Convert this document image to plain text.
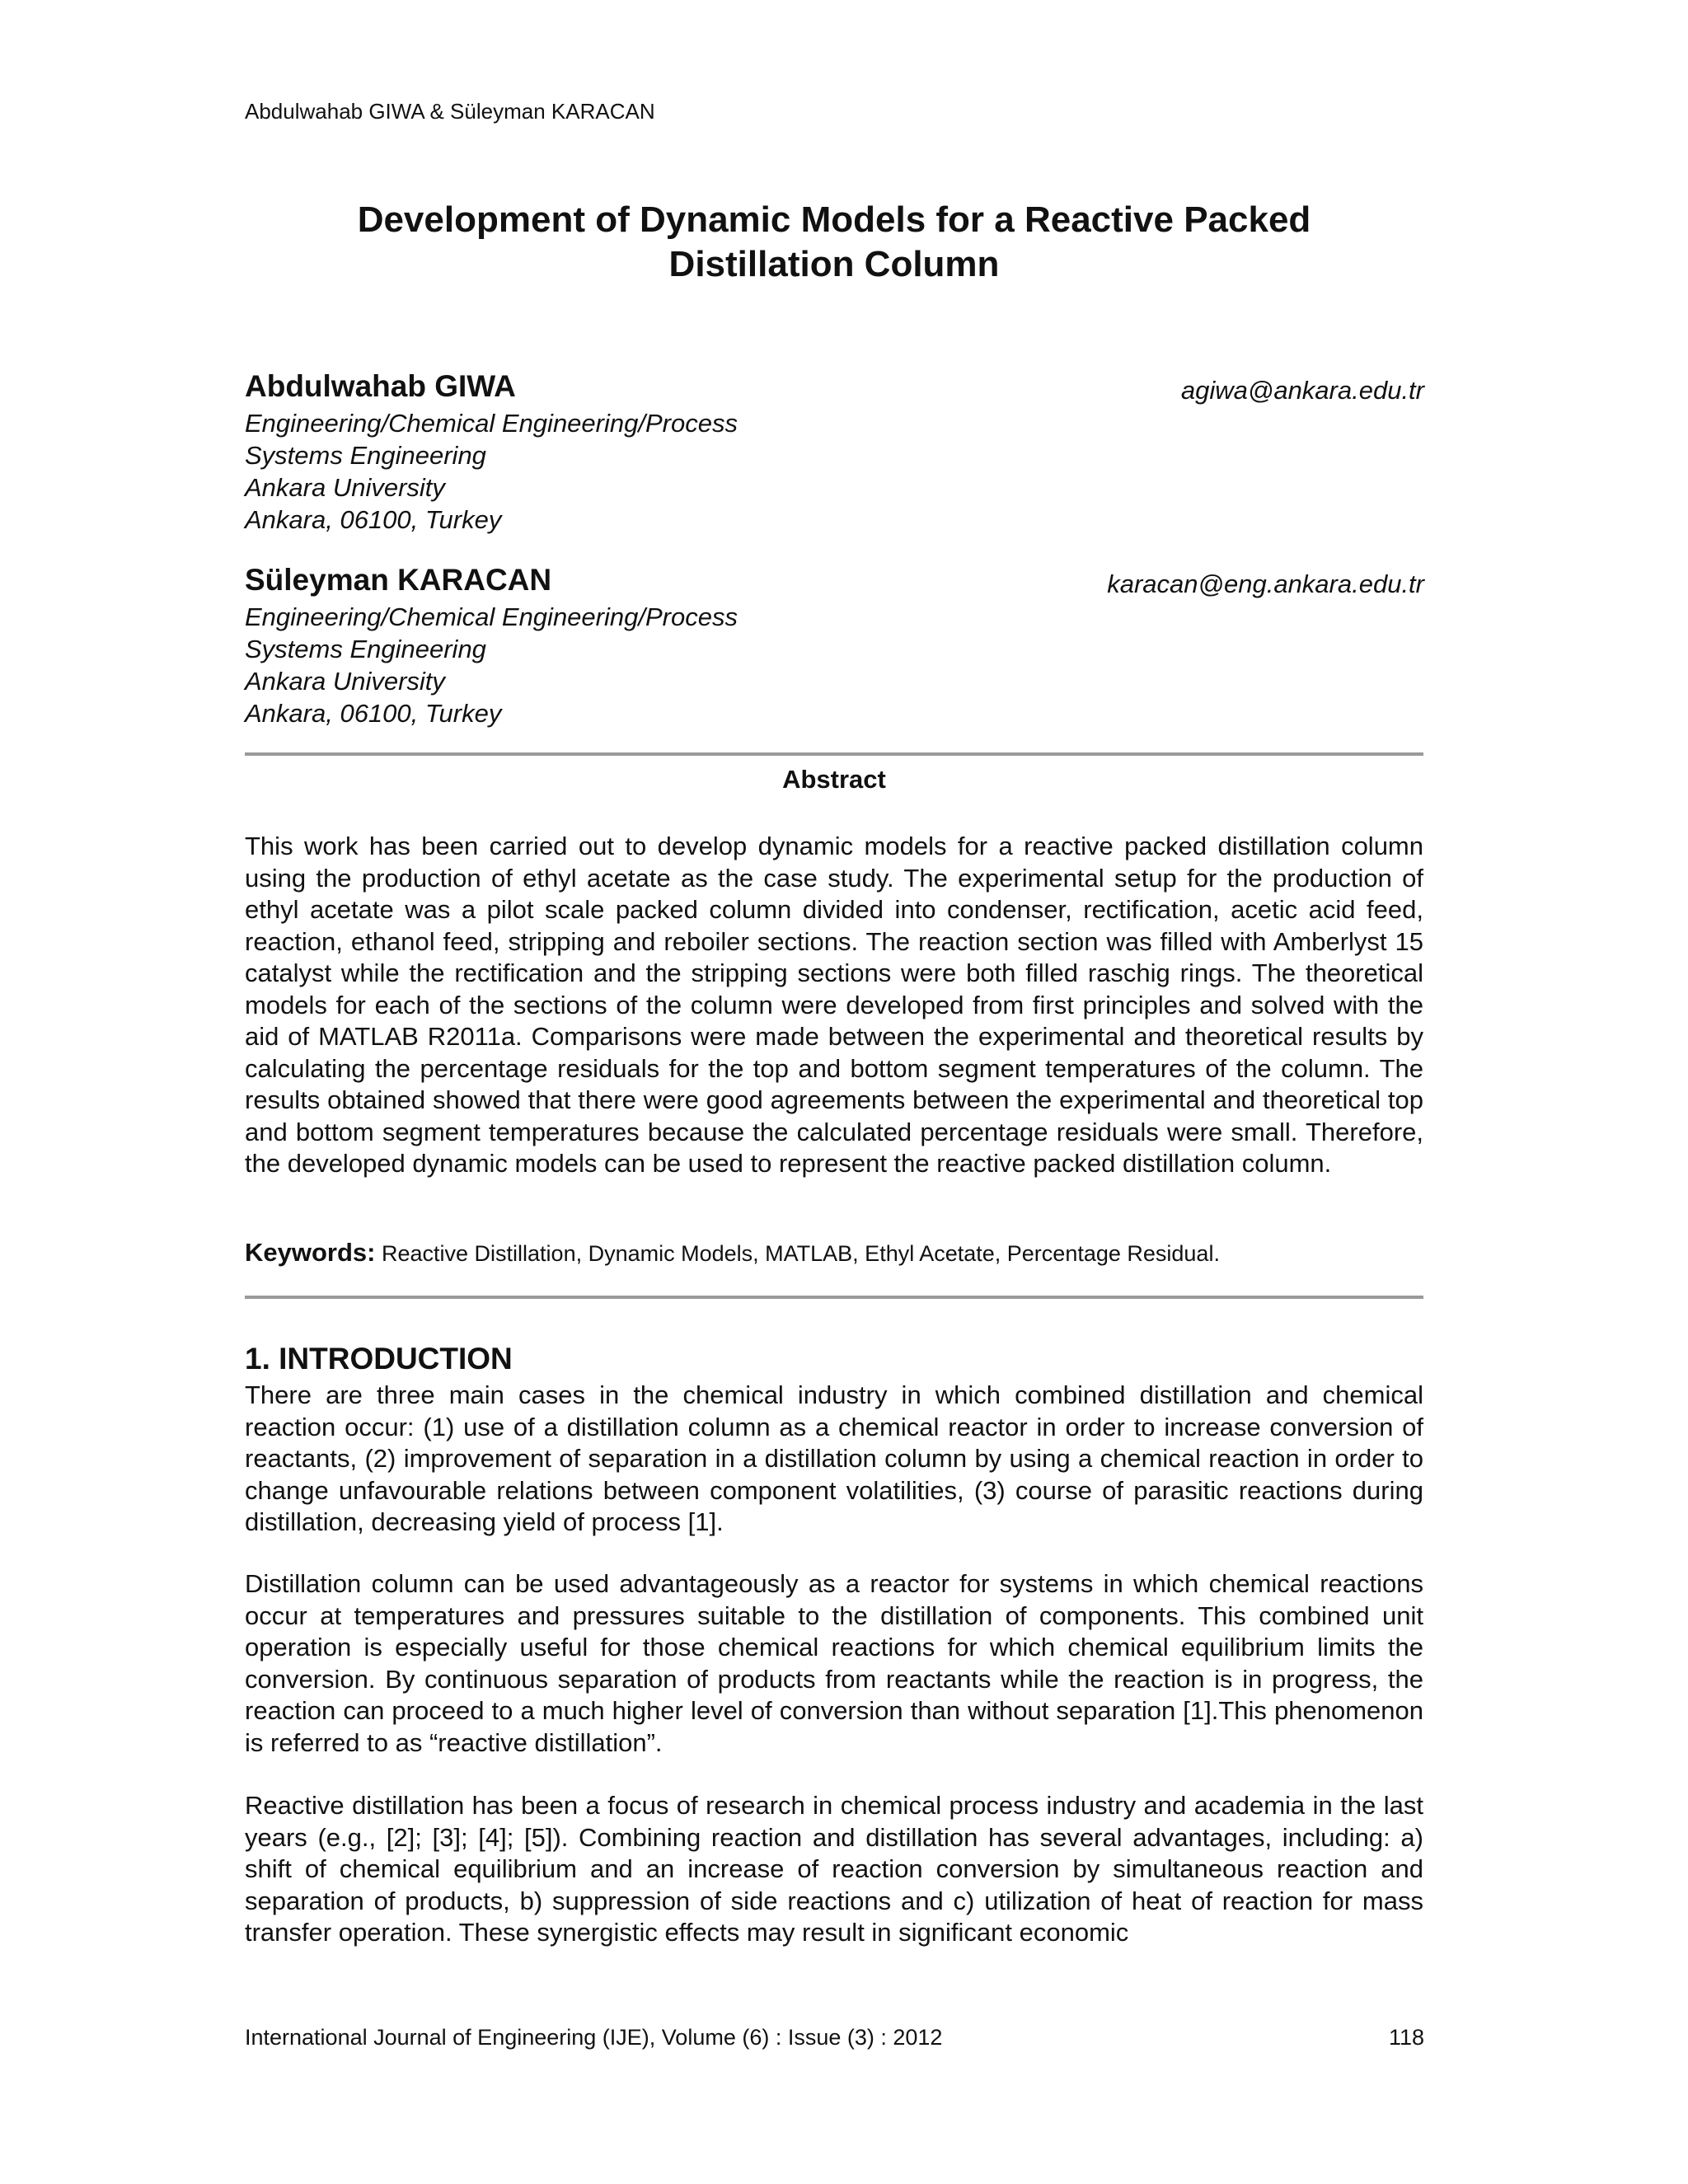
Abdulwahab GIWA & Süleyman KARACAN
Development of Dynamic Models for a Reactive Packed
Distillation Column
Abdulwahab GIWA	agiwa@ankara.edu.tr
Engineering/Chemical Engineering/Process
Systems Engineering
Ankara University
Ankara, 06100, Turkey
Süleyman KARACAN	karacan@eng.ankara.edu.tr
Engineering/Chemical Engineering/Process
Systems Engineering
Ankara University
Ankara, 06100, Turkey
Abstract
This work has been carried out to develop dynamic models for a reactive packed distillation column using the production of ethyl acetate as the case study. The experimental setup for the production of ethyl acetate was a pilot scale packed column divided into condenser, rectification, acetic acid feed, reaction, ethanol feed, stripping and reboiler sections. The reaction section was filled with Amberlyst 15 catalyst while the rectification and the stripping sections were both filled raschig rings. The theoretical models for each of the sections of the column were developed from first principles and solved with the aid of MATLAB R2011a. Comparisons were made between the experimental and theoretical results by calculating the percentage residuals for the top and bottom segment temperatures of the column. The results obtained showed that there were good agreements between the experimental and theoretical top and bottom segment temperatures because the calculated percentage residuals were small. Therefore, the developed dynamic models can be used to represent the reactive packed distillation column.
Keywords: Reactive Distillation, Dynamic Models, MATLAB, Ethyl Acetate, Percentage Residual.
1. INTRODUCTION
There are three main cases in the chemical industry in which combined distillation and chemical reaction occur: (1) use of a distillation column as a chemical reactor in order to increase conversion of reactants, (2) improvement of separation in a distillation column by using a chemical reaction in order to change unfavourable relations between component volatilities, (3) course of parasitic reactions during distillation, decreasing yield of process [1].
Distillation column can be used advantageously as a reactor for systems in which chemical reactions occur at temperatures and pressures suitable to the distillation of components. This combined unit operation is especially useful for those chemical reactions for which chemical equilibrium limits the conversion. By continuous separation of products from reactants while the reaction is in progress, the reaction can proceed to a much higher level of conversion than without separation [1].This phenomenon is referred to as “reactive distillation”.
Reactive distillation has been a focus of research in chemical process industry and academia in the last years (e.g., [2]; [3]; [4]; [5]). Combining reaction and distillation has several advantages, including: a) shift of chemical equilibrium and an increase of reaction conversion by simultaneous reaction and separation of products, b) suppression of side reactions and c) utilization of heat of reaction for mass transfer operation. These synergistic effects may result in significant economic
International Journal of Engineering (IJE), Volume (6) : Issue (3) : 2012	118
